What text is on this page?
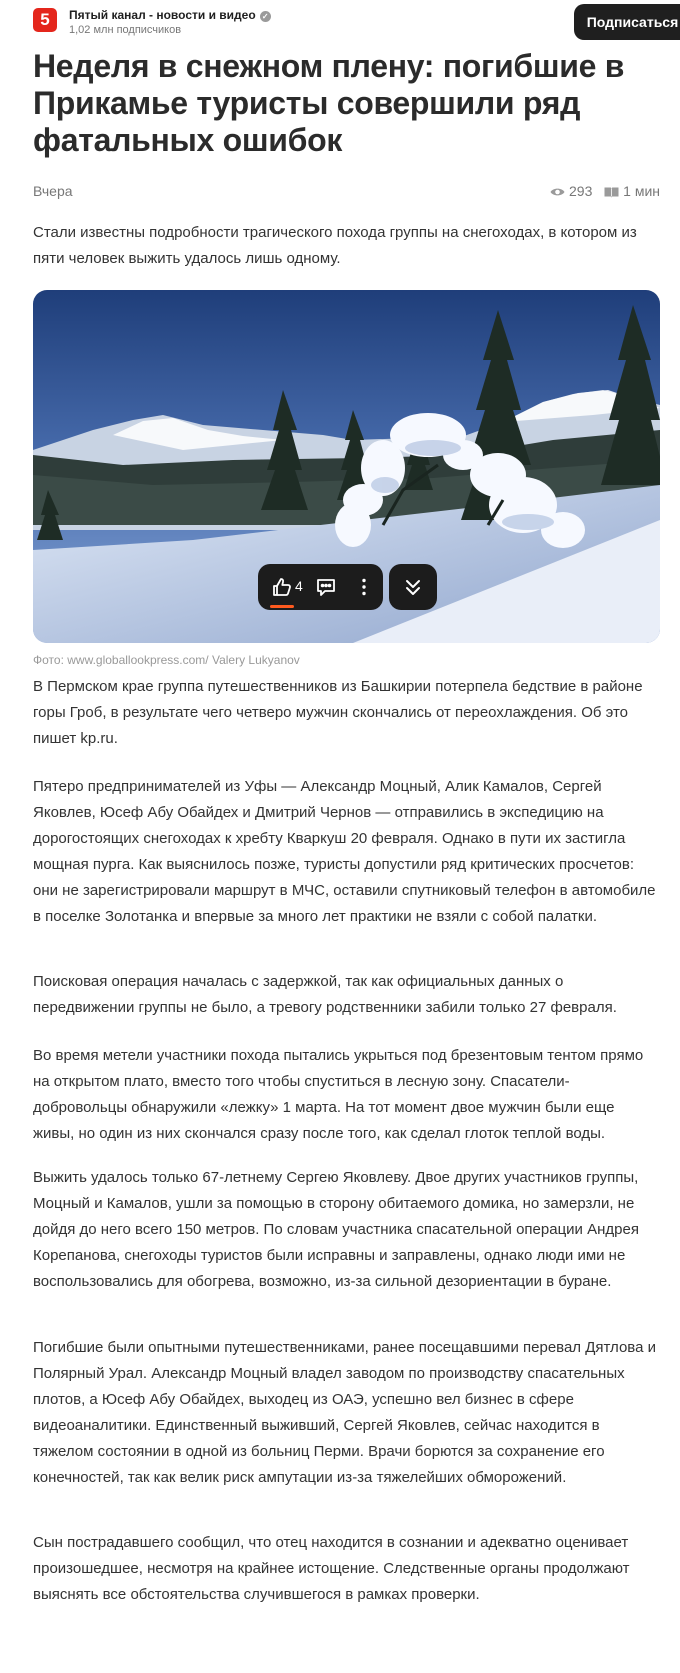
5	Пятый канал - новости и видео ✓
1,02 млн подписчиков	Подписаться
Неделя в снежном плену: погибшие в Прикамье туристы совершили ряд фатальных ошибок
Вчера	293 1 мин

Стали известны подробности трагического похода группы на снегоходах, в котором из пяти человек выжить удалось лишь одному.

4
Фото: www.globallookpress.com/ Valery Lukyanov

В Пермском крае группа путешественников из Башкирии потерпела бедствие в районе горы Гроб, в результате чего четверо мужчин скончались от переохлаждения. Об это пишет kp.ru.

Пятеро предпринимателей из Уфы — Александр Моцный, Алик Камалов, Сергей Яковлев, Юсеф Абу Обайдех и Дмитрий Чернов — отправились в экспедицию на дорогостоящих снегоходах к хребту Кваркуш 20 февраля. Однако в пути их застигла мощная пурга. Как выяснилось позже, туристы допустили ряд критических просчетов: они не зарегистрировали маршрут в МЧС, оставили спутниковый телефон в автомобиле в поселке Золотанка и впервые за много лет практики не взяли с собой палатки.

Поисковая операция началась с задержкой, так как официальных данных о передвижении группы не было, а тревогу родственники забили только 27 февраля.

Во время метели участники похода пытались укрыться под брезентовым тентом прямо на открытом плато, вместо того чтобы спуститься в лесную зону. Спасатели-добровольцы обнаружили «лежку» 1 марта. На тот момент двое мужчин были еще живы, но один из них скончался сразу после того, как сделал глоток теплой воды.

Выжить удалось только 67-летнему Сергею Яковлеву. Двое других участников группы, Моцный и Камалов, ушли за помощью в сторону обитаемого домика, но замерзли, не дойдя до него всего 150 метров. По словам участника спасательной операции Андрея Корепанова, снегоходы туристов были исправны и заправлены, однако люди ими не воспользовались для обогрева, возможно, из-за сильной дезориентации в буране.

Погибшие были опытными путешественниками, ранее посещавшими перевал Дятлова и Полярный Урал. Александр Моцный владел заводом по производству спасательных плотов, а Юсеф Абу Обайдех, выходец из ОАЭ, успешно вел бизнес в сфере видеоаналитики. Единственный выживший, Сергей Яковлев, сейчас находится в тяжелом состоянии в одной из больниц Перми. Врачи борются за сохранение его конечностей, так как велик риск ампутации из-за тяжелейших обморожений.

Сын пострадавшего сообщил, что отец находится в сознании и адекватно оценивает произошедшее, несмотря на крайнее истощение. Следственные органы продолжают выяснять все обстоятельства случившегося в рамках проверки.
